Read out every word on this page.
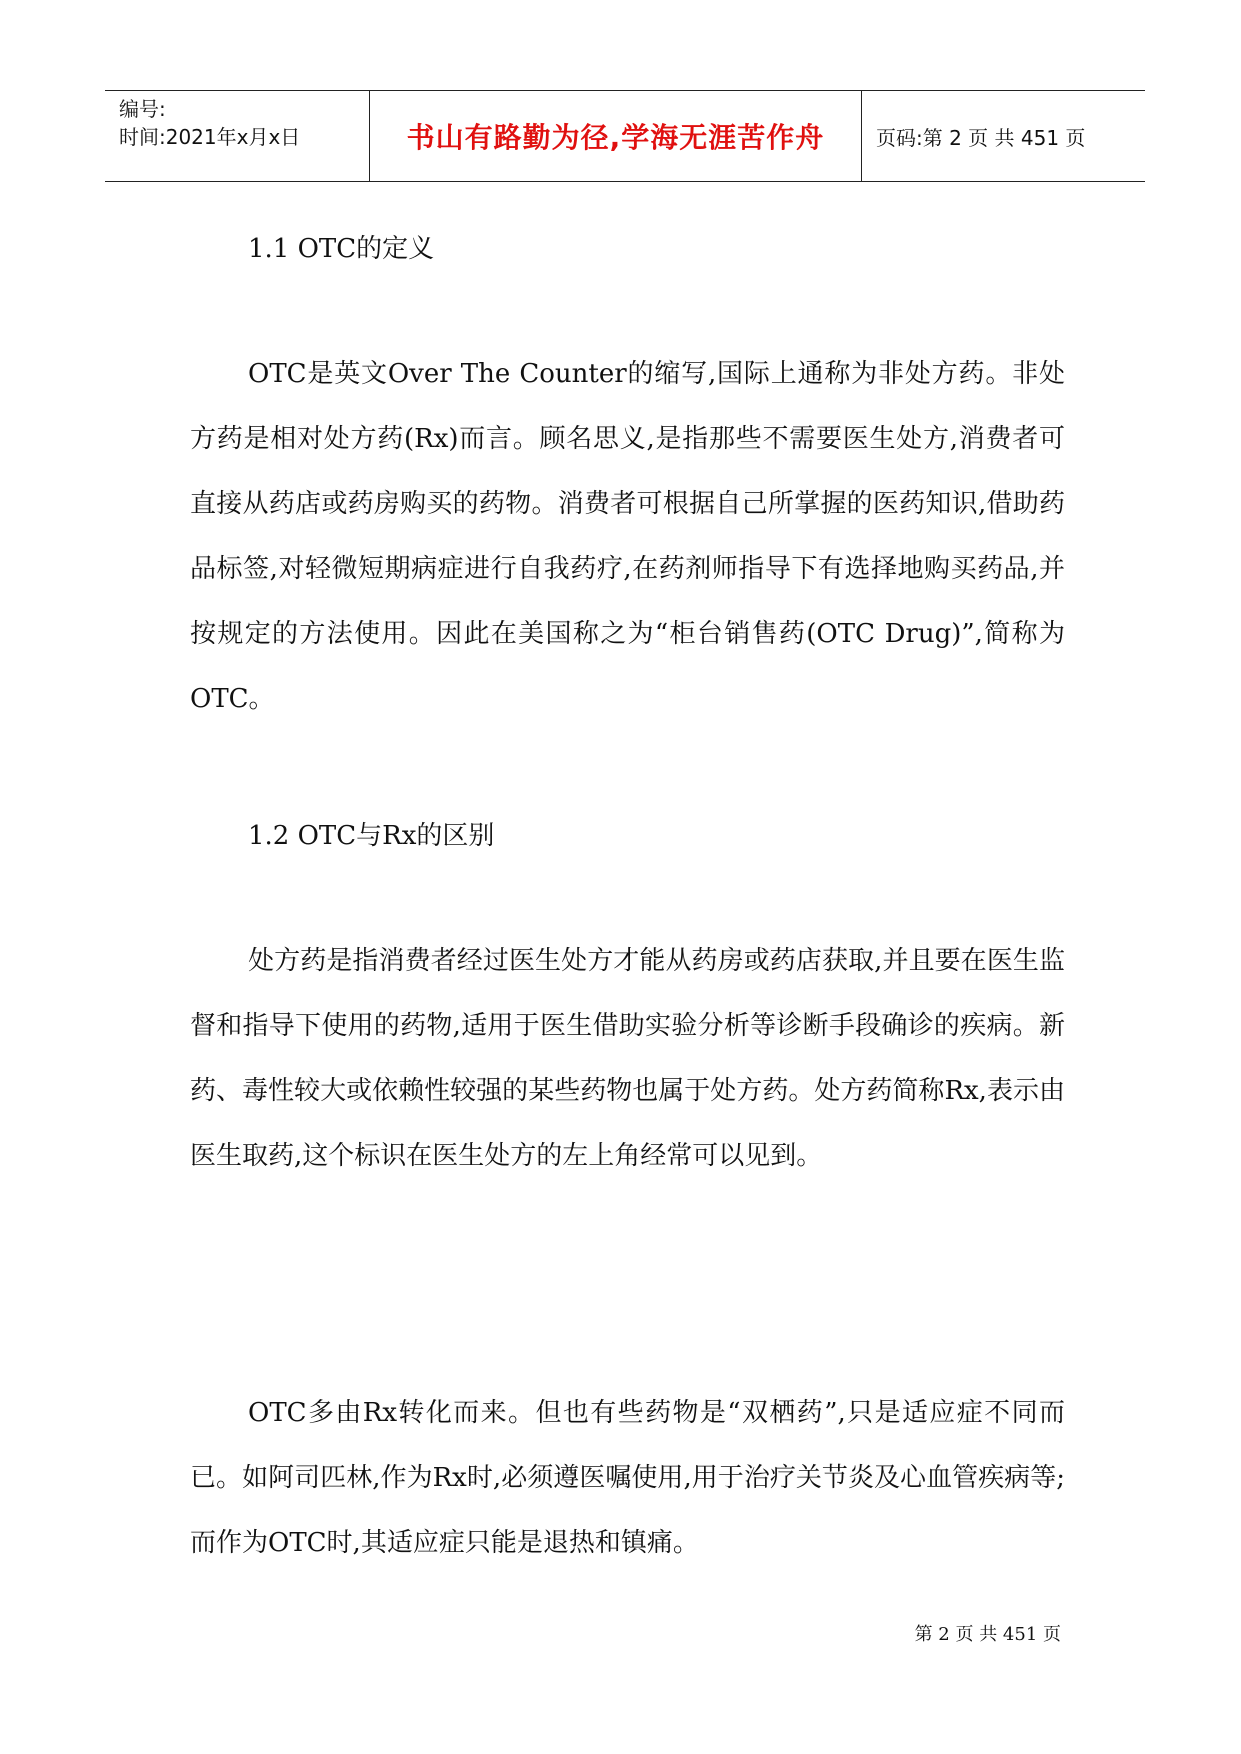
编号:
时间:2021年x月x日	书山有路勤为径,学海无涯苦作舟	页码:第 2 页 共 451 页
1.1 OTC的定义

OTC是英文Over The Counter的缩写,国际上通称为非处方药。非处方药是相对处方药(Rx)而言。顾名思义,是指那些不需要医生处方,消费者可直接从药店或药房购买的药物。消费者可根据自己所掌握的医药知识,借助药品标签,对轻微短期病症进行自我药疗,在药剂师指导下有选择地购买药品,并按规定的方法使用。因此在美国称之为“柜台销售药(OTC Drug)”,简称为OTC。

1.2 OTC与Rx的区别

处方药是指消费者经过医生处方才能从药房或药店获取,并且要在医生监督和指导下使用的药物,适用于医生借助实验分析等诊断手段确诊的疾病。新药、毒性较大或依赖性较强的某些药物也属于处方药。处方药简称Rx,表示由医生取药,这个标识在医生处方的左上角经常可以见到。

OTC多由Rx转化而来。但也有些药物是“双栖药”,只是适应症不同而已。如阿司匹林,作为Rx时,必须遵医嘱使用,用于治疗关节炎及心血管疾病等;而作为OTC时,其适应症只能是退热和镇痛。

第 2 页 共 451 页
